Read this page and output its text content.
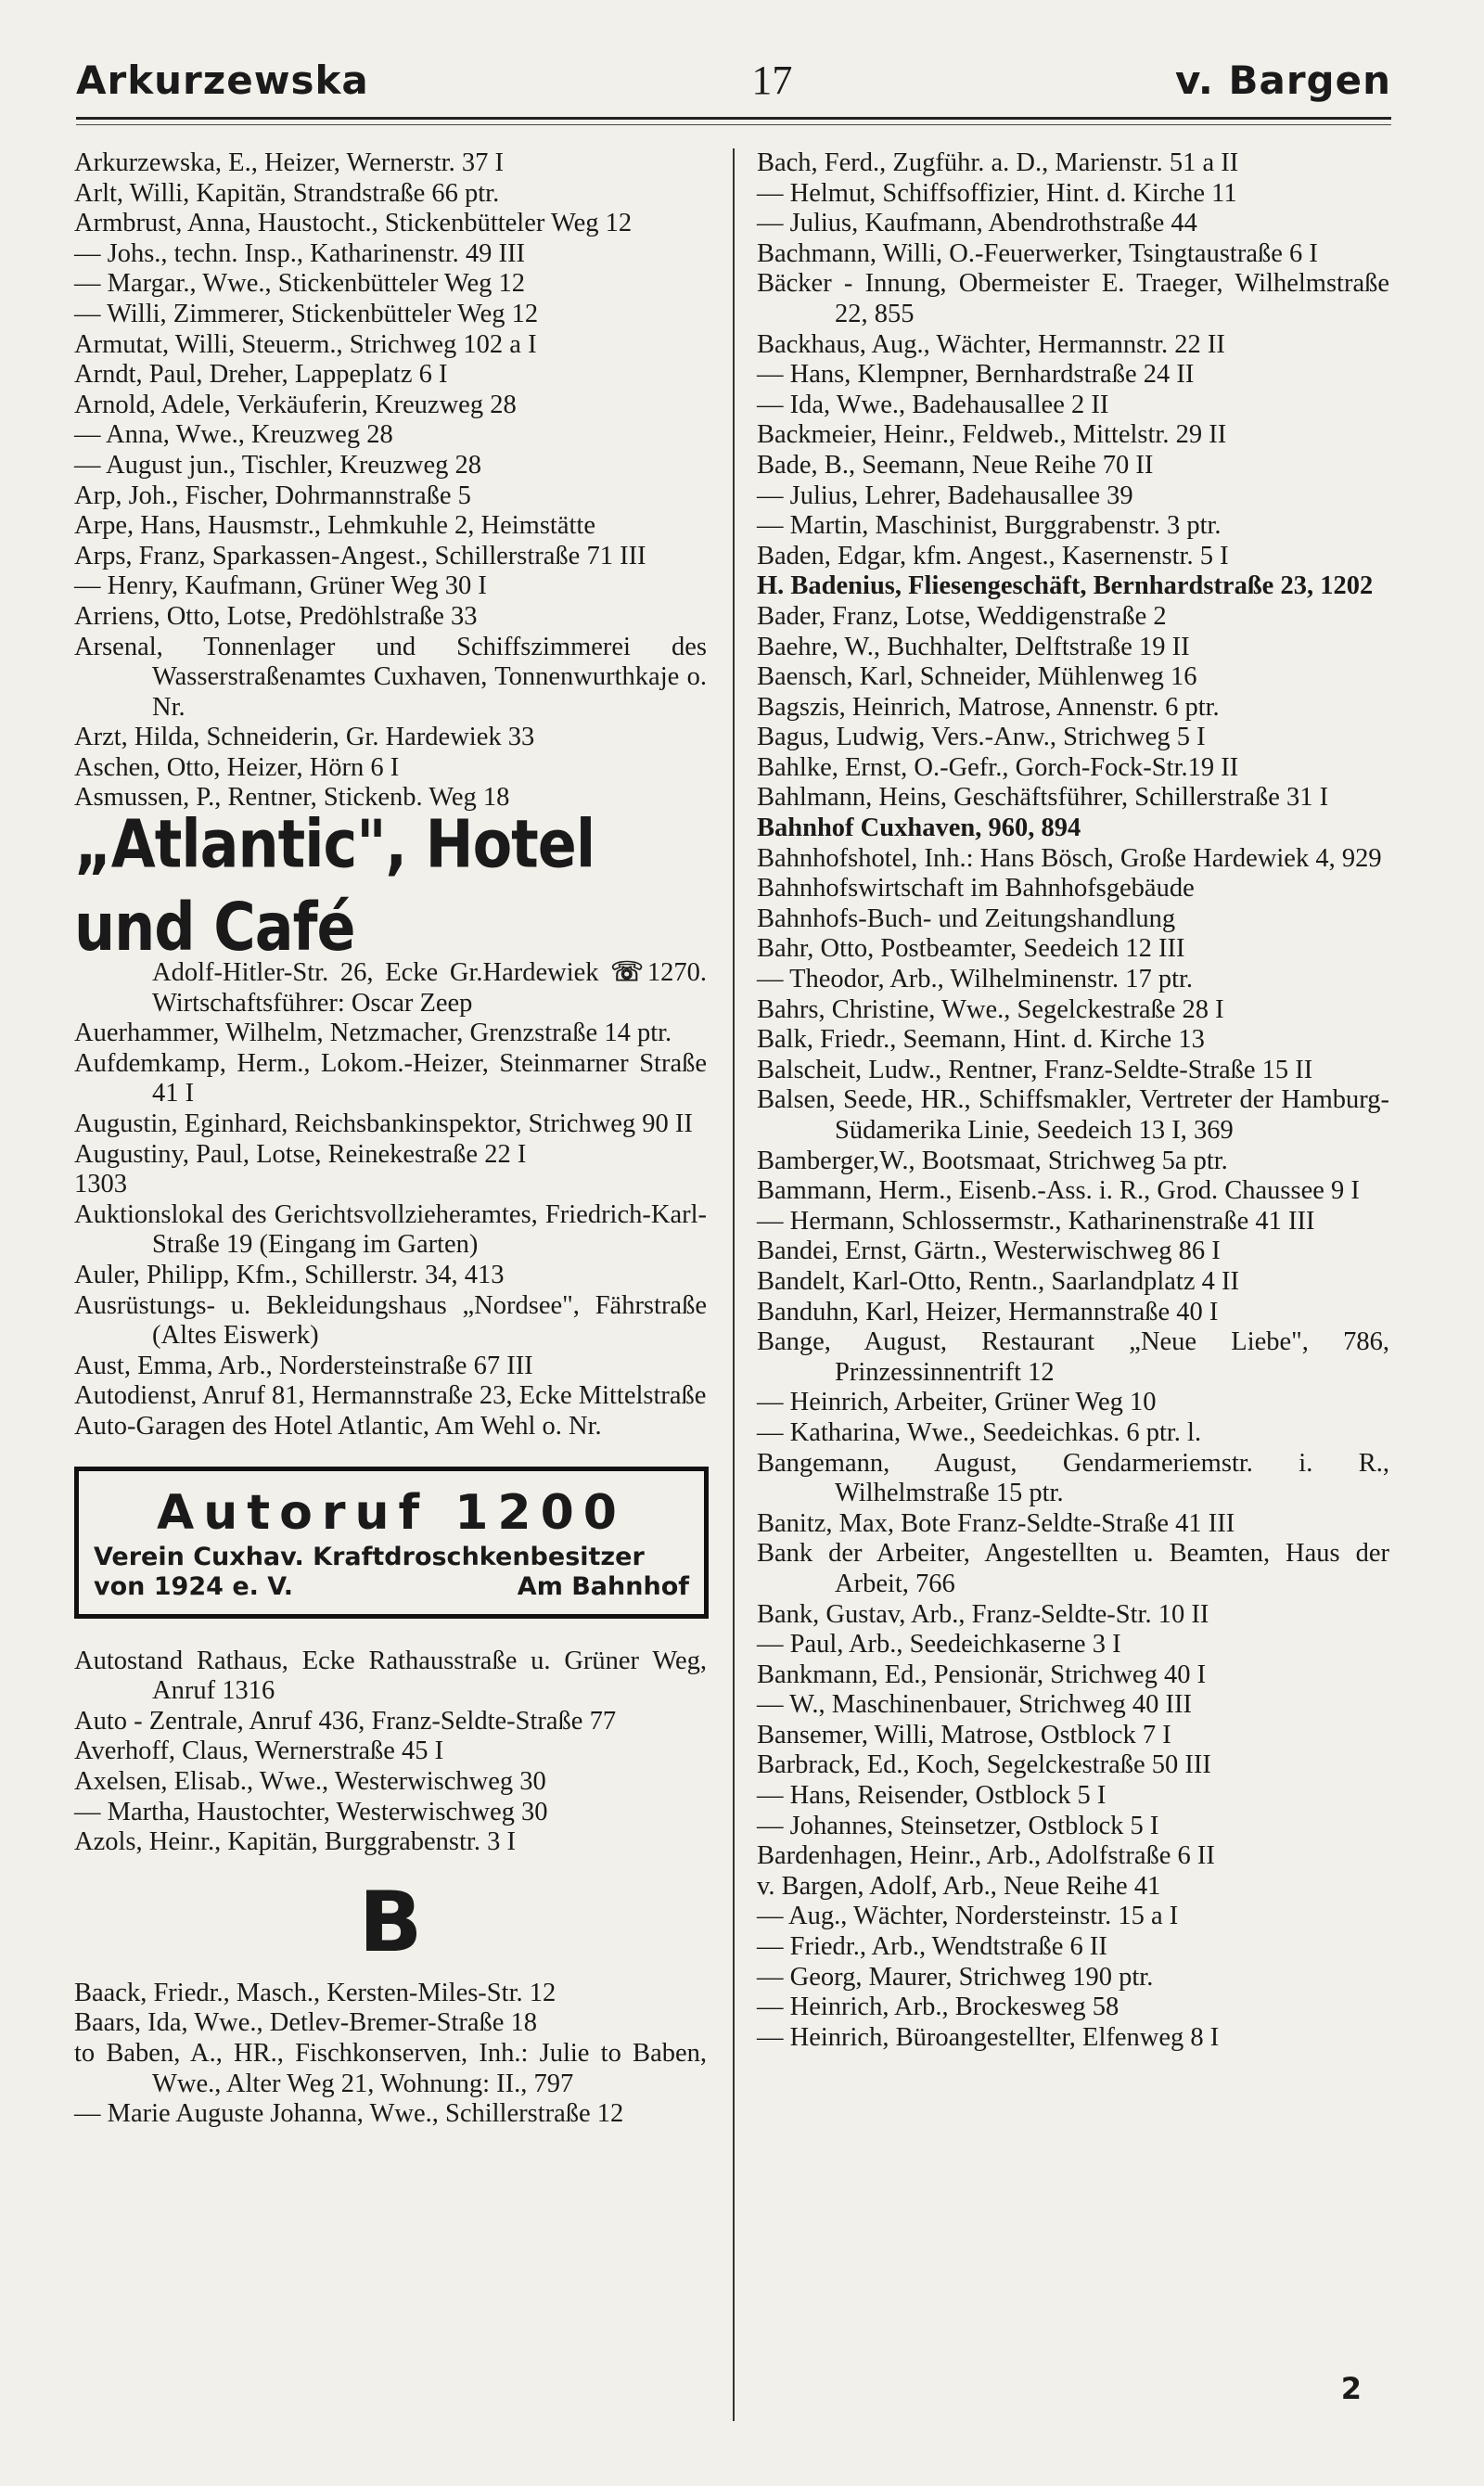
Arkurzewska	17	v. Bargen
Arkurzewska, E., Heizer, Wernerstr. 37 I
Arlt, Willi, Kapitän, Strandstraße 66 ptr.
Armbrust, Anna, Haustocht., Stickenbütteler Weg 12
— Johs., techn. Insp., Katharinenstr. 49 III
— Margar., Wwe., Stickenbütteler Weg 12
— Willi, Zimmerer, Stickenbütteler Weg 12
Armutat, Willi, Steuerm., Strichweg 102 a I
Arndt, Paul, Dreher, Lappeplatz 6 I
Arnold, Adele, Verkäuferin, Kreuzweg 28
— Anna, Wwe., Kreuzweg 28
— August jun., Tischler, Kreuzweg 28
Arp, Joh., Fischer, Dohrmannstraße 5
Arpe, Hans, Hausmstr., Lehmkuhle 2, Heimstätte
Arps, Franz, Sparkassen-Angest., Schillerstraße 71 III
— Henry, Kaufmann, Grüner Weg 30 I
Arriens, Otto, Lotse, Predöhlstraße 33
Arsenal, Tonnenlager und Schiffszimmerei des Wasserstraßenamtes Cuxhaven, Tonnenwurthkaje o. Nr.
Arzt, Hilda, Schneiderin, Gr. Hardewiek 33
Aschen, Otto, Heizer, Hörn 6 I
Asmussen, P., Rentner, Stickenb. Weg 18
„Atlantic", Hotel und Café
Adolf-Hitler-Str. 26, Ecke Gr.Hardewiek ☏ 1270. Wirtschaftsführer: Oscar Zeep
Auerhammer, Wilhelm, Netzmacher, Grenzstraße 14 ptr.
Aufdemkamp, Herm., Lokom.-Heizer, Steinmarner Straße 41 I
Augustin, Eginhard, Reichsbankinspektor, Strichweg 90 II
Augustiny, Paul, Lotse, Reinekestraße 22 I
1303
Auktionslokal des Gerichtsvollzieheramtes, Friedrich-Karl-Straße 19 (Eingang im Garten)
Auler, Philipp, Kfm., Schillerstr. 34, 413
Ausrüstungs- u. Bekleidungshaus „Nordsee", Fährstraße (Altes Eiswerk)
Aust, Emma, Arb., Nordersteinstraße 67 III
Autodienst, Anruf 81, Hermannstraße 23, Ecke Mittelstraße
Auto-Garagen des Hotel Atlantic, Am Wehl o. Nr.
Autoruf 1200
Verein Cuxhav. Kraftdroschkenbesitzer
von 1924 e. V.	Am Bahnhof
Autostand Rathaus, Ecke Rathausstraße u. Grüner Weg, Anruf 1316
Auto - Zentrale, Anruf 436, Franz-Seldte-Straße 77
Averhoff, Claus, Wernerstraße 45 I
Axelsen, Elisab., Wwe., Westerwischweg 30
— Martha, Haustochter, Westerwischweg 30
Azols, Heinr., Kapitän, Burggrabenstr. 3 I
B
Baack, Friedr., Masch., Kersten-Miles-Str. 12
Baars, Ida, Wwe., Detlev-Bremer-Straße 18
to Baben, A., HR., Fischkonserven, Inh.: Julie to Baben, Wwe., Alter Weg 21, Wohnung: II., 797
— Marie Auguste Johanna, Wwe., Schillerstraße 12
Bach, Ferd., Zugführ. a. D., Marienstr. 51 a II
— Helmut, Schiffsoffizier, Hint. d. Kirche 11
— Julius, Kaufmann, Abendrothstraße 44
Bachmann, Willi, O.-Feuerwerker, Tsingtaustraße 6 I
Bäcker - Innung, Obermeister E. Traeger, Wilhelmstraße 22, 855
Backhaus, Aug., Wächter, Hermannstr. 22 II
— Hans, Klempner, Bernhardstraße 24 II
— Ida, Wwe., Badehausallee 2 II
Backmeier, Heinr., Feldweb., Mittelstr. 29 II
Bade, B., Seemann, Neue Reihe 70 II
— Julius, Lehrer, Badehausallee 39
— Martin, Maschinist, Burggrabenstr. 3 ptr.
Baden, Edgar, kfm. Angest., Kasernenstr. 5 I
H. Badenius, Fliesengeschäft, Bernhardstraße 23, 1202
Bader, Franz, Lotse, Weddigenstraße 2
Baehre, W., Buchhalter, Delftstraße 19 II
Baensch, Karl, Schneider, Mühlenweg 16
Bagszis, Heinrich, Matrose, Annenstr. 6 ptr.
Bagus, Ludwig, Vers.-Anw., Strichweg 5 I
Bahlke, Ernst, O.-Gefr., Gorch-Fock-Str.19 II
Bahlmann, Heins, Geschäftsführer, Schillerstraße 31 I
Bahnhof Cuxhaven, 960, 894
Bahnhofshotel, Inh.: Hans Bösch, Große Hardewiek 4, 929
Bahnhofswirtschaft im Bahnhofsgebäude
Bahnhofs-Buch- und Zeitungshandlung
Bahr, Otto, Postbeamter, Seedeich 12 III
— Theodor, Arb., Wilhelminenstr. 17 ptr.
Bahrs, Christine, Wwe., Segelckestraße 28 I
Balk, Friedr., Seemann, Hint. d. Kirche 13
Balscheit, Ludw., Rentner, Franz-Seldte-Straße 15 II
Balsen, Seede, HR., Schiffsmakler, Vertreter der Hamburg-Südamerika Linie, Seedeich 13 I, 369
Bamberger,W., Bootsmaat, Strichweg 5a ptr.
Bammann, Herm., Eisenb.-Ass. i. R., Grod. Chaussee 9 I
— Hermann, Schlossermstr., Katharinenstraße 41 III
Bandei, Ernst, Gärtn., Westerwischweg 86 I
Bandelt, Karl-Otto, Rentn., Saarlandplatz 4 II
Banduhn, Karl, Heizer, Hermannstraße 40 I
Bange, August, Restaurant „Neue Liebe", 786, Prinzessinnentrift 12
— Heinrich, Arbeiter, Grüner Weg 10
— Katharina, Wwe., Seedeichkas. 6 ptr. l.
Bangemann, August, Gendarmeriemstr. i. R., Wilhelmstraße 15 ptr.
Banitz, Max, Bote Franz-Seldte-Straße 41 III
Bank der Arbeiter, Angestellten u. Beamten, Haus der Arbeit, 766
Bank, Gustav, Arb., Franz-Seldte-Str. 10 II
— Paul, Arb., Seedeichkaserne 3 I
Bankmann, Ed., Pensionär, Strichweg 40 I
— W., Maschinenbauer, Strichweg 40 III
Bansemer, Willi, Matrose, Ostblock 7 I
Barbrack, Ed., Koch, Segelckestraße 50 III
— Hans, Reisender, Ostblock 5 I
— Johannes, Steinsetzer, Ostblock 5 I
Bardenhagen, Heinr., Arb., Adolfstraße 6 II
v. Bargen, Adolf, Arb., Neue Reihe 41
— Aug., Wächter, Nordersteinstr. 15 a I
— Friedr., Arb., Wendtstraße 6 II
— Georg, Maurer, Strichweg 190 ptr.
— Heinrich, Arb., Brockesweg 58
— Heinrich, Büroangestellter, Elfenweg 8 I
2
